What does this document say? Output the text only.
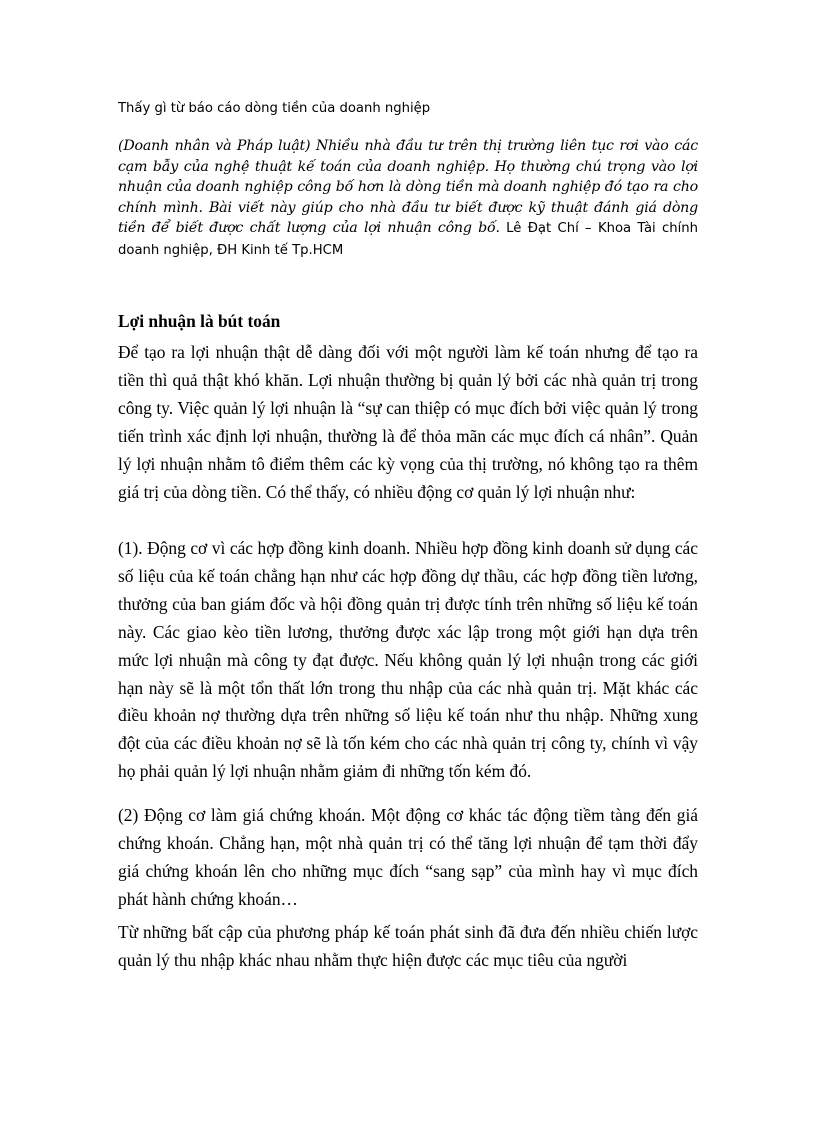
Thấy gì từ báo cáo dòng tiền của doanh nghiệp
(Doanh nhân và Pháp luật) Nhiều nhà đầu tư trên thị trường liên tục rơi vào các cạm bẫy của nghệ thuật kế toán của doanh nghiệp. Họ thường chú trọng vào lợi nhuận của doanh nghiệp công bố hơn là dòng tiền mà doanh nghiệp đó tạo ra cho chính mình. Bài viết này giúp cho nhà đầu tư biết được kỹ thuật đánh giá dòng tiền để biết được chất lượng của lợi nhuận công bố. Lê Đạt Chí – Khoa Tài chính doanh nghiệp, ĐH Kinh tế Tp.HCM
Lợi nhuận là bút toán

Để tạo ra lợi nhuận thật dễ dàng đối với một người làm kế toán nhưng để tạo ra tiền thì quả thật khó khăn. Lợi nhuận thường bị quản lý bởi các nhà quản trị trong công ty. Việc quản lý lợi nhuận là “sự can thiệp có mục đích bởi việc quản lý trong tiến trình xác định lợi nhuận, thường là để thỏa mãn các mục đích cá nhân”. Quản lý lợi nhuận nhằm tô điểm thêm các kỳ vọng của thị trường, nó không tạo ra thêm giá trị của dòng tiền. Có thể thấy, có nhiều động cơ quản lý lợi nhuận như:

(1). Động cơ vì các hợp đồng kinh doanh. Nhiều hợp đồng kinh doanh sử dụng các số liệu của kế toán chẳng hạn như các hợp đồng dự thầu, các hợp đồng tiền lương, thưởng của ban giám đốc và hội đồng quản trị được tính trên những số liệu kế toán này. Các giao kèo tiền lương, thưởng được xác lập trong một giới hạn dựa trên mức lợi nhuận mà công ty đạt được. Nếu không quản lý lợi nhuận trong các giới hạn này sẽ là một tổn thất lớn trong thu nhập của các nhà quản trị. Mặt khác các điều khoản nợ thường dựa trên những số liệu kế toán như thu nhập. Những xung đột của các điều khoản nợ sẽ là tốn kém cho các nhà quản trị công ty, chính vì vậy họ phải quản lý lợi nhuận nhằm giảm đi những tốn kém đó.

(2) Động cơ làm giá chứng khoán. Một động cơ khác tác động tiềm tàng đến giá chứng khoán. Chẳng hạn, một nhà quản trị có thể tăng lợi nhuận để tạm thời đẩy giá chứng khoán lên cho những mục đích “sang sạp” của mình hay vì mục đích phát hành chứng khoán…

Từ những bất cập của phương pháp kế toán phát sinh đã đưa đến nhiều chiến lược quản lý thu nhập khác nhau nhằm thực hiện được các mục tiêu của người
